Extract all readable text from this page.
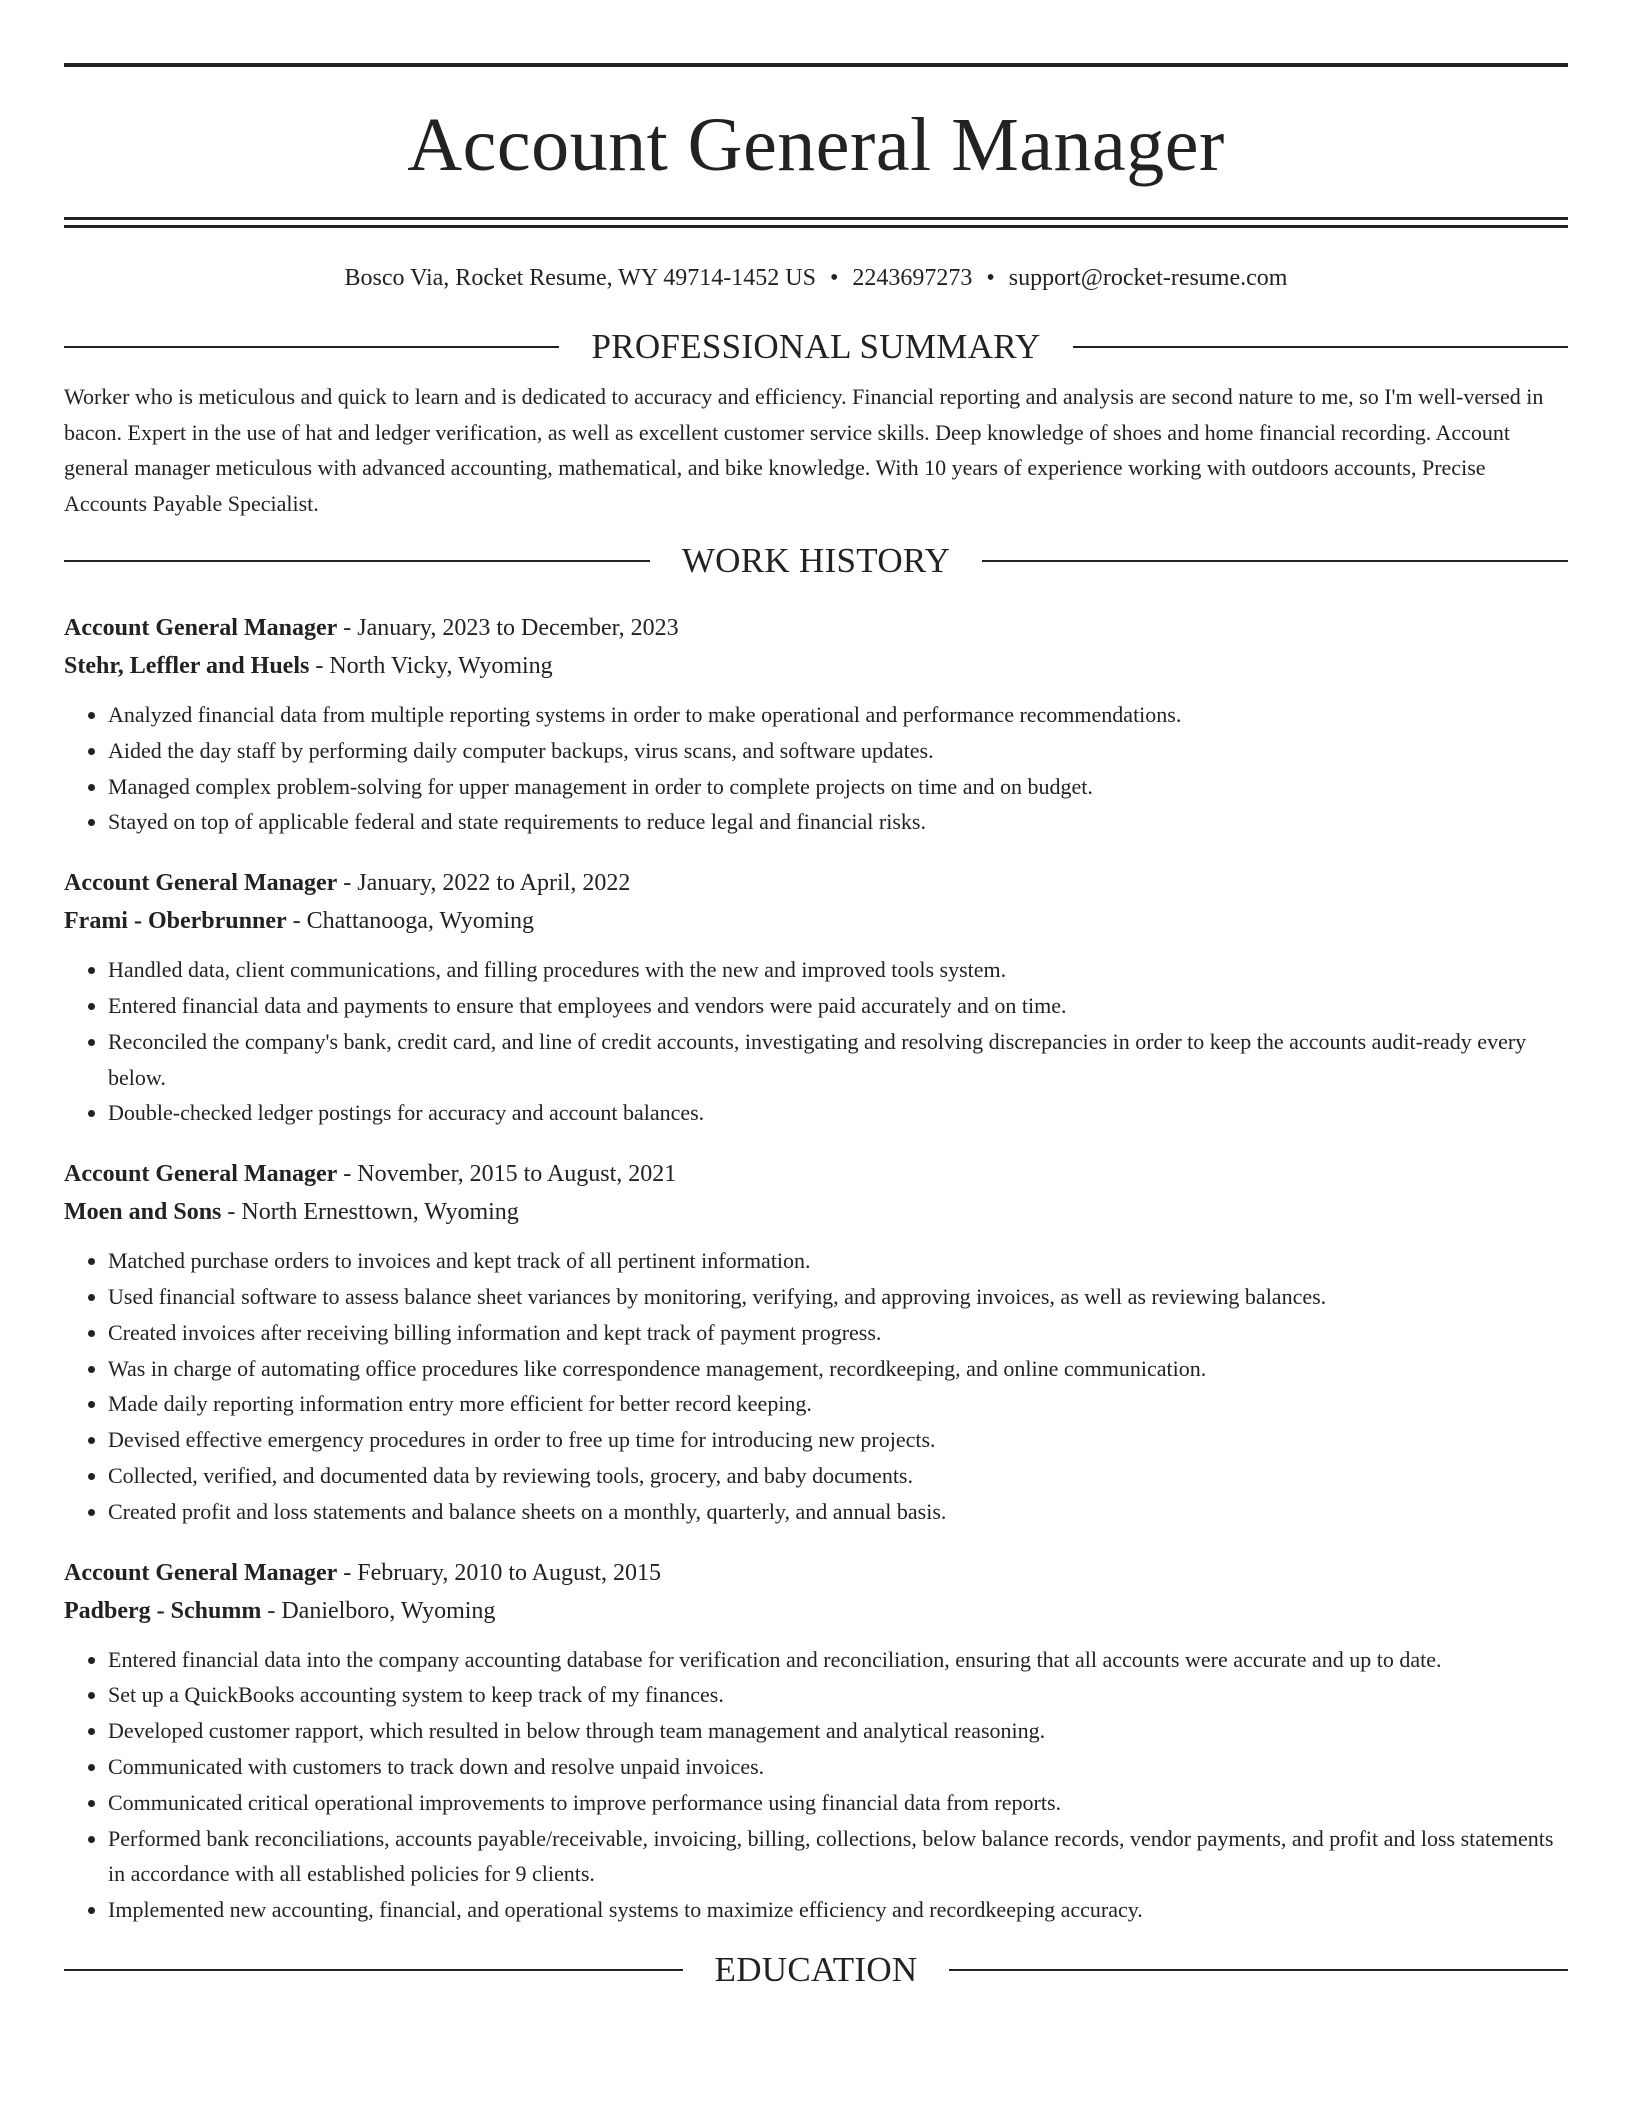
Account General Manager
Bosco Via, Rocket Resume, WY 49714-1452 US • 2243697273 • support@rocket-resume.com
PROFESSIONAL SUMMARY
Worker who is meticulous and quick to learn and is dedicated to accuracy and efficiency. Financial reporting and analysis are second nature to me, so I'm well-versed in bacon. Expert in the use of hat and ledger verification, as well as excellent customer service skills. Deep knowledge of shoes and home financial recording. Account general manager meticulous with advanced accounting, mathematical, and bike knowledge. With 10 years of experience working with outdoors accounts, Precise Accounts Payable Specialist.
WORK HISTORY
Account General Manager - January, 2023 to December, 2023
Stehr, Leffler and Huels - North Vicky, Wyoming
• Analyzed financial data from multiple reporting systems in order to make operational and performance recommendations.
• Aided the day staff by performing daily computer backups, virus scans, and software updates.
• Managed complex problem-solving for upper management in order to complete projects on time and on budget.
• Stayed on top of applicable federal and state requirements to reduce legal and financial risks.
Account General Manager - January, 2022 to April, 2022
Frami - Oberbrunner - Chattanooga, Wyoming
• Handled data, client communications, and filling procedures with the new and improved tools system.
• Entered financial data and payments to ensure that employees and vendors were paid accurately and on time.
• Reconciled the company's bank, credit card, and line of credit accounts, investigating and resolving discrepancies in order to keep the accounts audit-ready every below.
• Double-checked ledger postings for accuracy and account balances.
Account General Manager - November, 2015 to August, 2021
Moen and Sons - North Ernesttown, Wyoming
• Matched purchase orders to invoices and kept track of all pertinent information.
• Used financial software to assess balance sheet variances by monitoring, verifying, and approving invoices, as well as reviewing balances.
• Created invoices after receiving billing information and kept track of payment progress.
• Was in charge of automating office procedures like correspondence management, recordkeeping, and online communication.
• Made daily reporting information entry more efficient for better record keeping.
• Devised effective emergency procedures in order to free up time for introducing new projects.
• Collected, verified, and documented data by reviewing tools, grocery, and baby documents.
• Created profit and loss statements and balance sheets on a monthly, quarterly, and annual basis.
Account General Manager - February, 2010 to August, 2015
Padberg - Schumm - Danielboro, Wyoming
• Entered financial data into the company accounting database for verification and reconciliation, ensuring that all accounts were accurate and up to date.
• Set up a QuickBooks accounting system to keep track of my finances.
• Developed customer rapport, which resulted in below through team management and analytical reasoning.
• Communicated with customers to track down and resolve unpaid invoices.
• Communicated critical operational improvements to improve performance using financial data from reports.
• Performed bank reconciliations, accounts payable/receivable, invoicing, billing, collections, below balance records, vendor payments, and profit and loss statements in accordance with all established policies for 9 clients.
• Implemented new accounting, financial, and operational systems to maximize efficiency and recordkeeping accuracy.
EDUCATION
